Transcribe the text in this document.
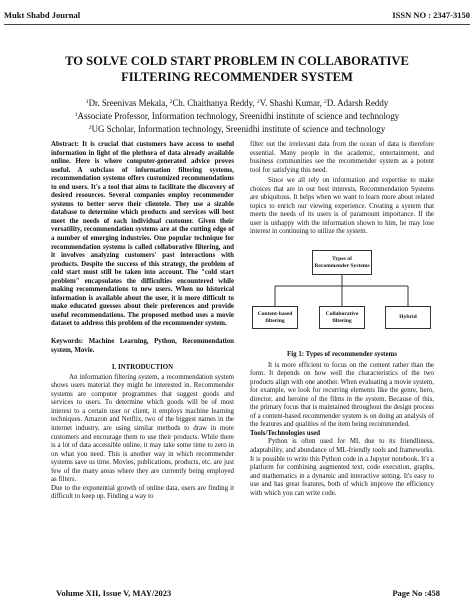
Mukt Shabd Journal	ISSN NO : 2347-3150
TO SOLVE COLD START PROBLEM IN COLLABORATIVE
FILTERING RECOMMENDER SYSTEM
$^1$Dr. Sreenivas Mekala, $^2$Ch. Chaithanya Reddy, $^2$V. Shashi Kumar, $^2$D. Adarsh Reddy
$^1$Associate Professor, Information technology, Sreenidhi institute of science and technology
$^2$UG Scholar, Information technology, Sreenidhi institute of science and technology

Abstract: It is crucial that customers have access to useful information in light of the plethora of data already available online. Here is where computer-generated advice proves useful. A subclass of information filtering systems, recommendation systems offers customized recommendations to end users. It's a tool that aims to facilitate the discovery of desired resources. Several companies employ recommender systems to better serve their clientele. They use a sizable database to determine which products and services will best meet the needs of each individual customer. Given their versatility, recommendation systems are at the cutting edge of a number of emerging industries. One popular technique for recommendation systems is called collaborative filtering, and it involves analyzing customers' past interactions with products. Despite the success of this strategy, the problem of cold start must still be taken into account. The "cold start problem" encapsulates the difficulties encountered while making recommendations to new users. When no historical information is available about the user, it is more difficult to make educated guesses about their preferences and provide useful recommendations. The proposed method uses a movie dataset to address this problem of the recommender system.

Keywords: Machine Learning, Python, Recommendation system, Movie.

I. INTRODUCTION

An information filtering system, a recommendation system shows users material they might be interested in. Recommender systems are computer programmes that suggest goods and services to users. To determine which goods will be of most interest to a certain user or client, it employs machine learning techniques. Amazon and Netflix, two of the biggest names in the internet industry, are using similar methods to draw in more customers and encourage them to use their products. While there is a lot of data accessible online, it may take some time to zero in on what you need. This is another way in which recommender systems save us time. Movies, publications, products, etc. are just few of the many areas where they are currently being employed as filters.

Due to the exponential growth of online data, users are finding it difficult to keep up. Finding a way to

filter out the irrelevant data from the ocean of data is therefore essential. Many people in the academic, entertainment, and business communities see the recommender system as a potent tool for satisfying this need.

Since we all rely on information and expertise to make choices that are in our best interests, Recommendation Systems are ubiquitous. It helps when we want to learn more about related topics to enrich our viewing experience. Creating a system that meets the needs of its users is of paramount importance. If the user is unhappy with the information shown to him, he may lose interest in continuing to utilize the system.

Types of Recommender Systems
Content-based filtering
Collaborative filtering
Hybrid

Fig 1: Types of recommender systems

It is more efficient to focus on the content rather than the form. It depends on how well the characteristics of the two products align with one another. When evaluating a movie system, for example, we look for recurring elements like the genre, hero, director, and heroine of the films in the system. Because of this, the primary focus that is maintained throughout the design process of a content-based recommender system is on doing an analysis of the features and qualities of the item being recommended.

Tools/Technologies used

Python is often used for ML due to its friendliness, adaptability, and abundance of ML-friendly tools and frameworks. It is possible to write this Python code in a Jupyter notebook. It's a platform for combining augmented text, code execution, graphs, and mathematics in a dynamic and interactive setting. It's easy to use and has great features, both of which improve the efficiency with which you can write code.

Volume XII, Issue V, MAY/2023	Page No :458
